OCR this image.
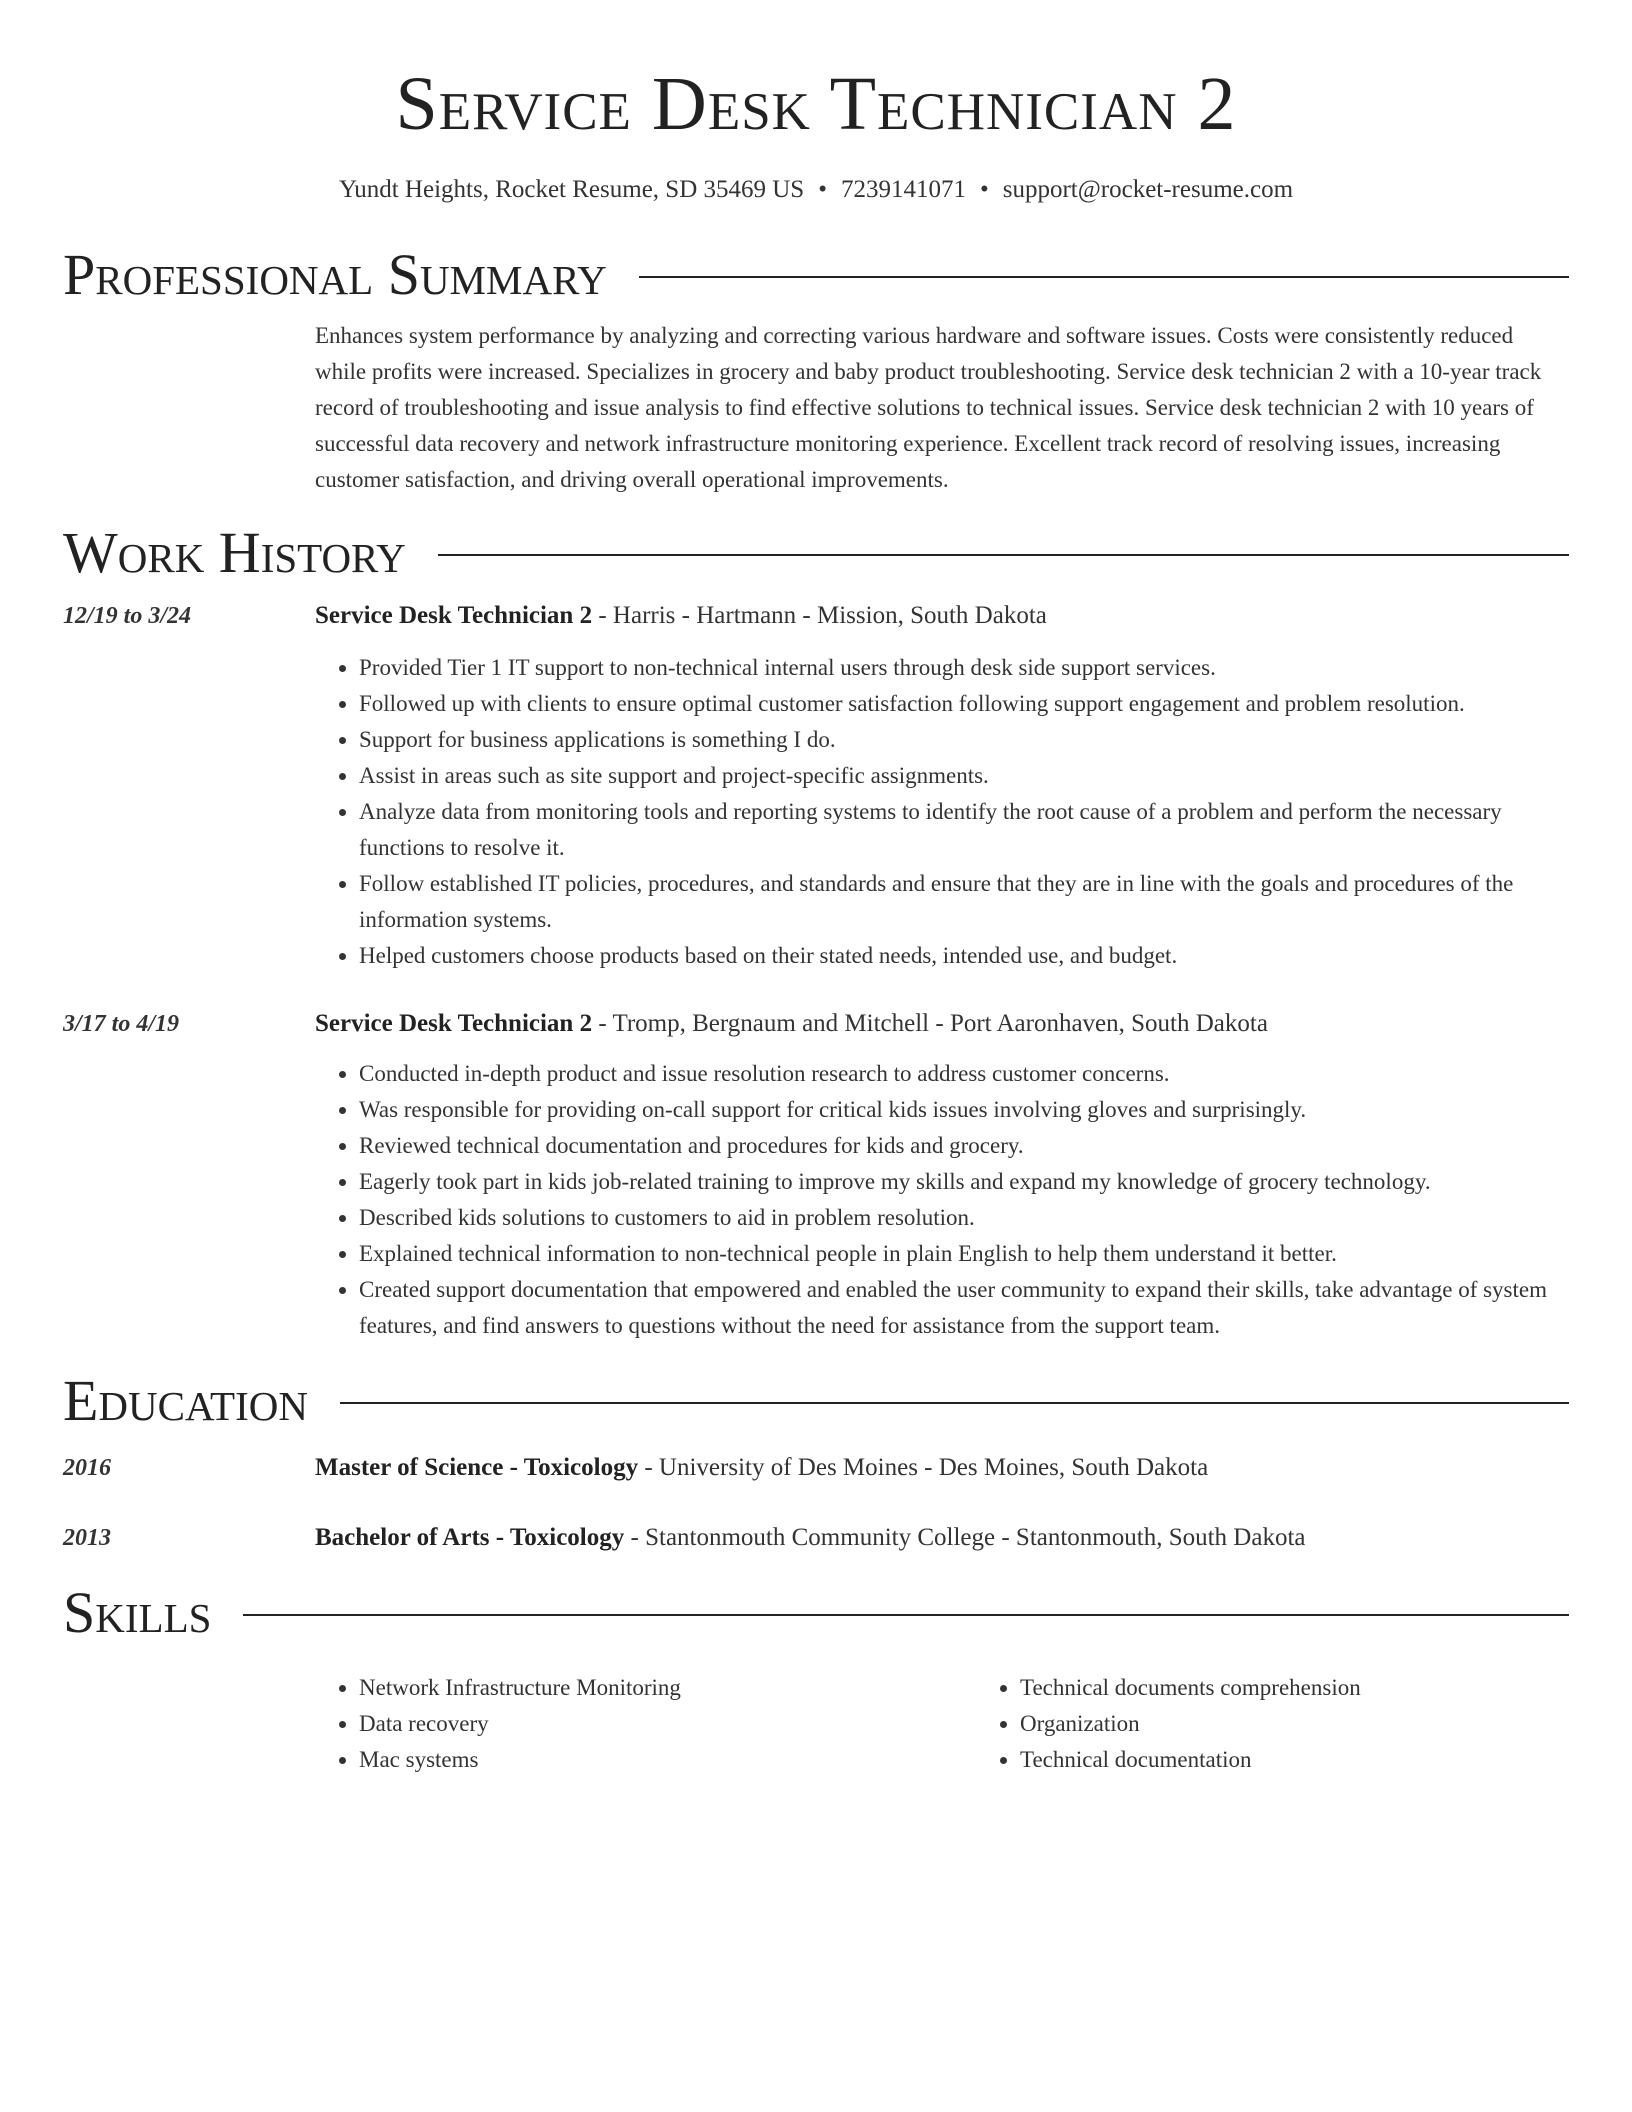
Service Desk Technician 2
Yundt Heights, Rocket Resume, SD 35469 US • 7239141071 • support@rocket-resume.com
Professional Summary

Enhances system performance by analyzing and correcting various hardware and software issues. Costs were consistently reduced while profits were increased. Specializes in grocery and baby product troubleshooting. Service desk technician 2 with a 10-year track record of troubleshooting and issue analysis to find effective solutions to technical issues. Service desk technician 2 with 10 years of successful data recovery and network infrastructure monitoring experience. Excellent track record of resolving issues, increasing customer satisfaction, and driving overall operational improvements.

Work History
12/19 to 3/24	Service Desk Technician 2 - Harris - Hartmann - Mission, South Dakota
• Provided Tier 1 IT support to non-technical internal users through desk side support services.
• Followed up with clients to ensure optimal customer satisfaction following support engagement and problem resolution.
• Support for business applications is something I do.
• Assist in areas such as site support and project-specific assignments.
• Analyze data from monitoring tools and reporting systems to identify the root cause of a problem and perform the necessary functions to resolve it.
• Follow established IT policies, procedures, and standards and ensure that they are in line with the goals and procedures of the information systems.
• Helped customers choose products based on their stated needs, intended use, and budget.
3/17 to 4/19	Service Desk Technician 2 - Tromp, Bergnaum and Mitchell - Port Aaronhaven, South Dakota
• Conducted in-depth product and issue resolution research to address customer concerns.
• Was responsible for providing on-call support for critical kids issues involving gloves and surprisingly.
• Reviewed technical documentation and procedures for kids and grocery.
• Eagerly took part in kids job-related training to improve my skills and expand my knowledge of grocery technology.
• Described kids solutions to customers to aid in problem resolution.
• Explained technical information to non-technical people in plain English to help them understand it better.
• Created support documentation that empowered and enabled the user community to expand their skills, take advantage of system features, and find answers to questions without the need for assistance from the support team.
Education
2016	Master of Science - Toxicology - University of Des Moines - Des Moines, South Dakota
2013	Bachelor of Arts - Toxicology - Stantonmouth Community College - Stantonmouth, South Dakota
Skills
• Network Infrastructure Monitoring
• Data recovery
• Mac systems
• Technical documents comprehension
• Organization
• Technical documentation
